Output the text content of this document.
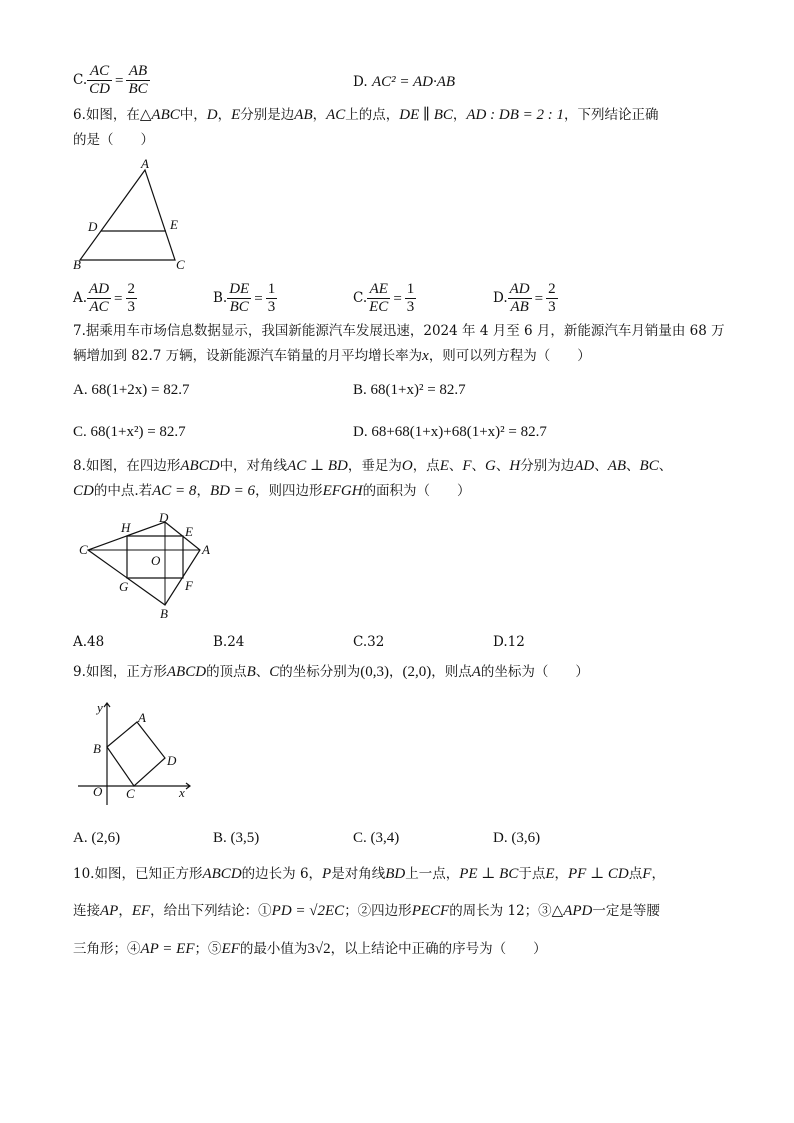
C. $\frac{AC}{CD} = \frac{AB}{BC}$	D. AC² = AD·AB
6.如图，在△ABC中，D，E分别是边AB，AC上的点，DE ∥ BC，AD : DB = 2 : 1，下列结论正确
的是（　　）
A
D	E
B	C
A. $\frac{AD}{AC} = \frac{2}{3}$	B. $\frac{DE}{BC} = \frac{1}{3}$	C. $\frac{AE}{EC} = \frac{1}{3}$	D. $\frac{AD}{AB} = \frac{2}{3}$
7.据乘用车市场信息数据显示，我国新能源汽车发展迅速，2024 年 4 月至 6 月，新能源汽车月销量由 68 万
辆增加到 82.7 万辆，设新能源汽车销量的月平均增长率为x，则可以列方程为（　　）
A. 68(1+2x) = 82.7	B. 68(1+x)² = 82.7
C. 68(1+x²) = 82.7	D. 68+68(1+x)+68(1+x)² = 82.7
8.如图，在四边形ABCD中，对角线AC ⊥ BD，垂足为O，点E、F、G、H分别为边AD、AB、BC、
CD的中点.若AC = 8，BD = 6，则四边形EFGH的面积为（　　）
H
D
E
C	A
O
G	F
B
A.48	B.24	C.32	D.12
9.如图，正方形ABCD的顶点B、C的坐标分别为(0,3)，(2,0)，则点A的坐标为（　　）
y
A
B
D
O C	x
A. (2,6)	B. (3,5)	C. (3,4)	D. (3,6)
10.如图，已知正方形ABCD的边长为 6，P是对角线BD上一点，PE ⊥ BC于点E，PF ⊥ CD点F，
连接AP，EF，给出下列结论：①PD = √2EC；②四边形PECF的周长为 12；③△APD一定是等腰
三角形；④AP = EF；⑤EF的最小值为3√2，以上结论中正确的序号为（　　）
